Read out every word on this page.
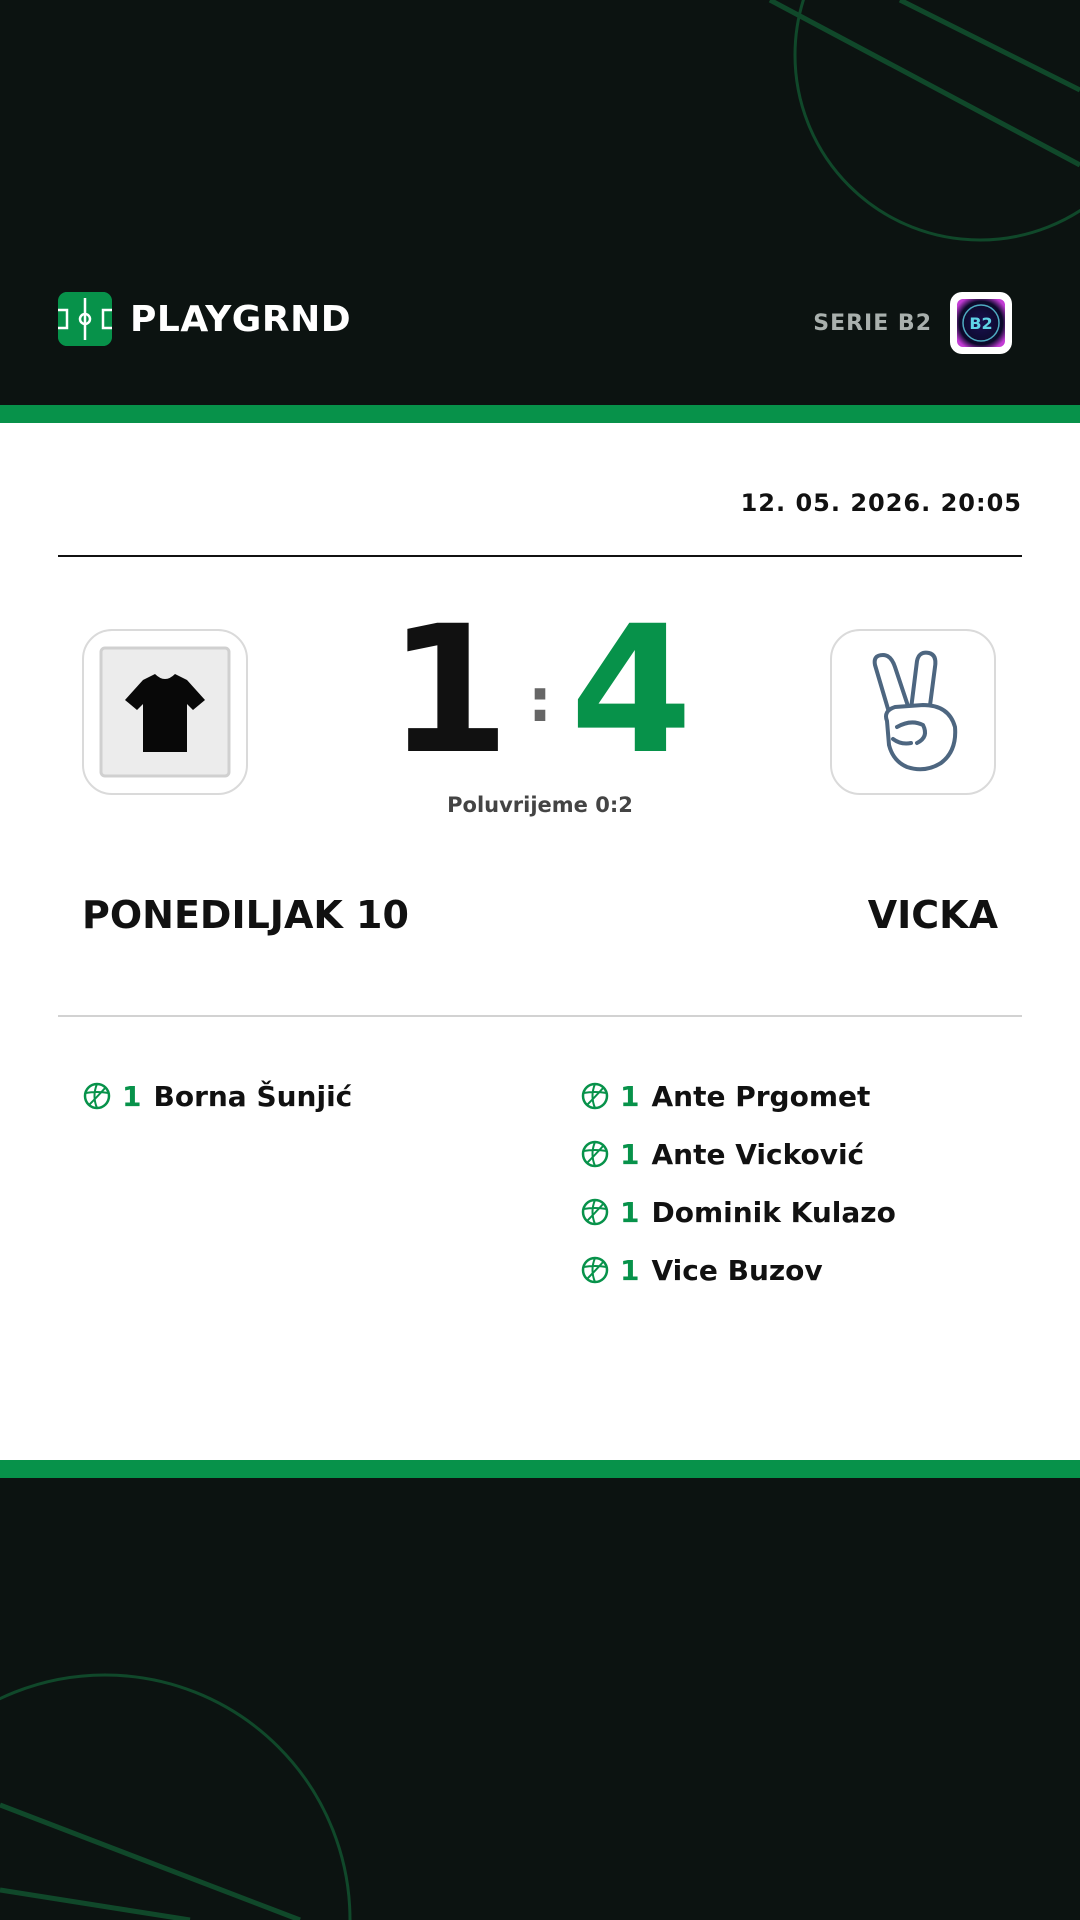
PLAYGRND	SERIE B2 B2
12. 05. 2026. 20:05
1 : 4
Poluvrijeme 0:2
PONEDILJAK 10	VICKA
1 Borna Šunjić	1 Ante Prgomet
1 Ante Vicković
1 Dominik Kulazo
1 Vice Buzov
